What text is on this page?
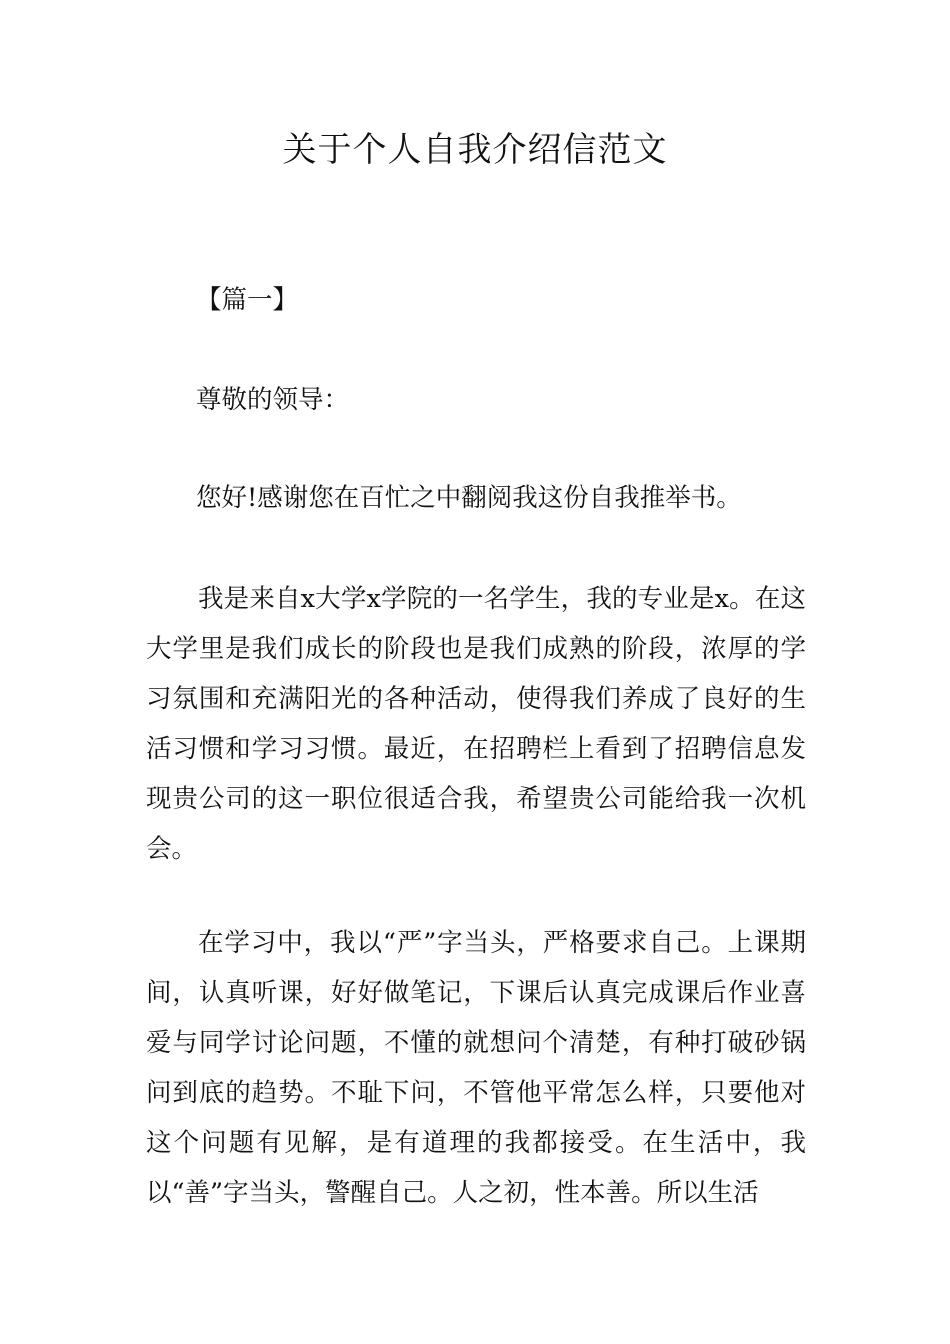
关于个人自我介绍信范文
【篇一】
尊敬的领导：
您好!感谢您在百忙之中翻阅我这份自我推举书。

我是来自x大学x学院的一名学生，我的专业是x。在这大学里是我们成长的阶段也是我们成熟的阶段，浓厚的学习氛围和充满阳光的各种活动，使得我们养成了良好的生活习惯和学习习惯。最近，在招聘栏上看到了招聘信息发现贵公司的这一职位很适合我，希望贵公司能给我一次机会。

在学习中，我以“严”字当头，严格要求自己。上课期间，认真听课，好好做笔记，下课后认真完成课后作业喜爱与同学讨论问题，不懂的就想问个清楚，有种打破砂锅问到底的趋势。不耻下问，不管他平常怎么样，只要他对这个问题有见解，是有道理的我都接受。在生活中，我以“善”字当头，警醒自己。人之初，性本善。所以生活
